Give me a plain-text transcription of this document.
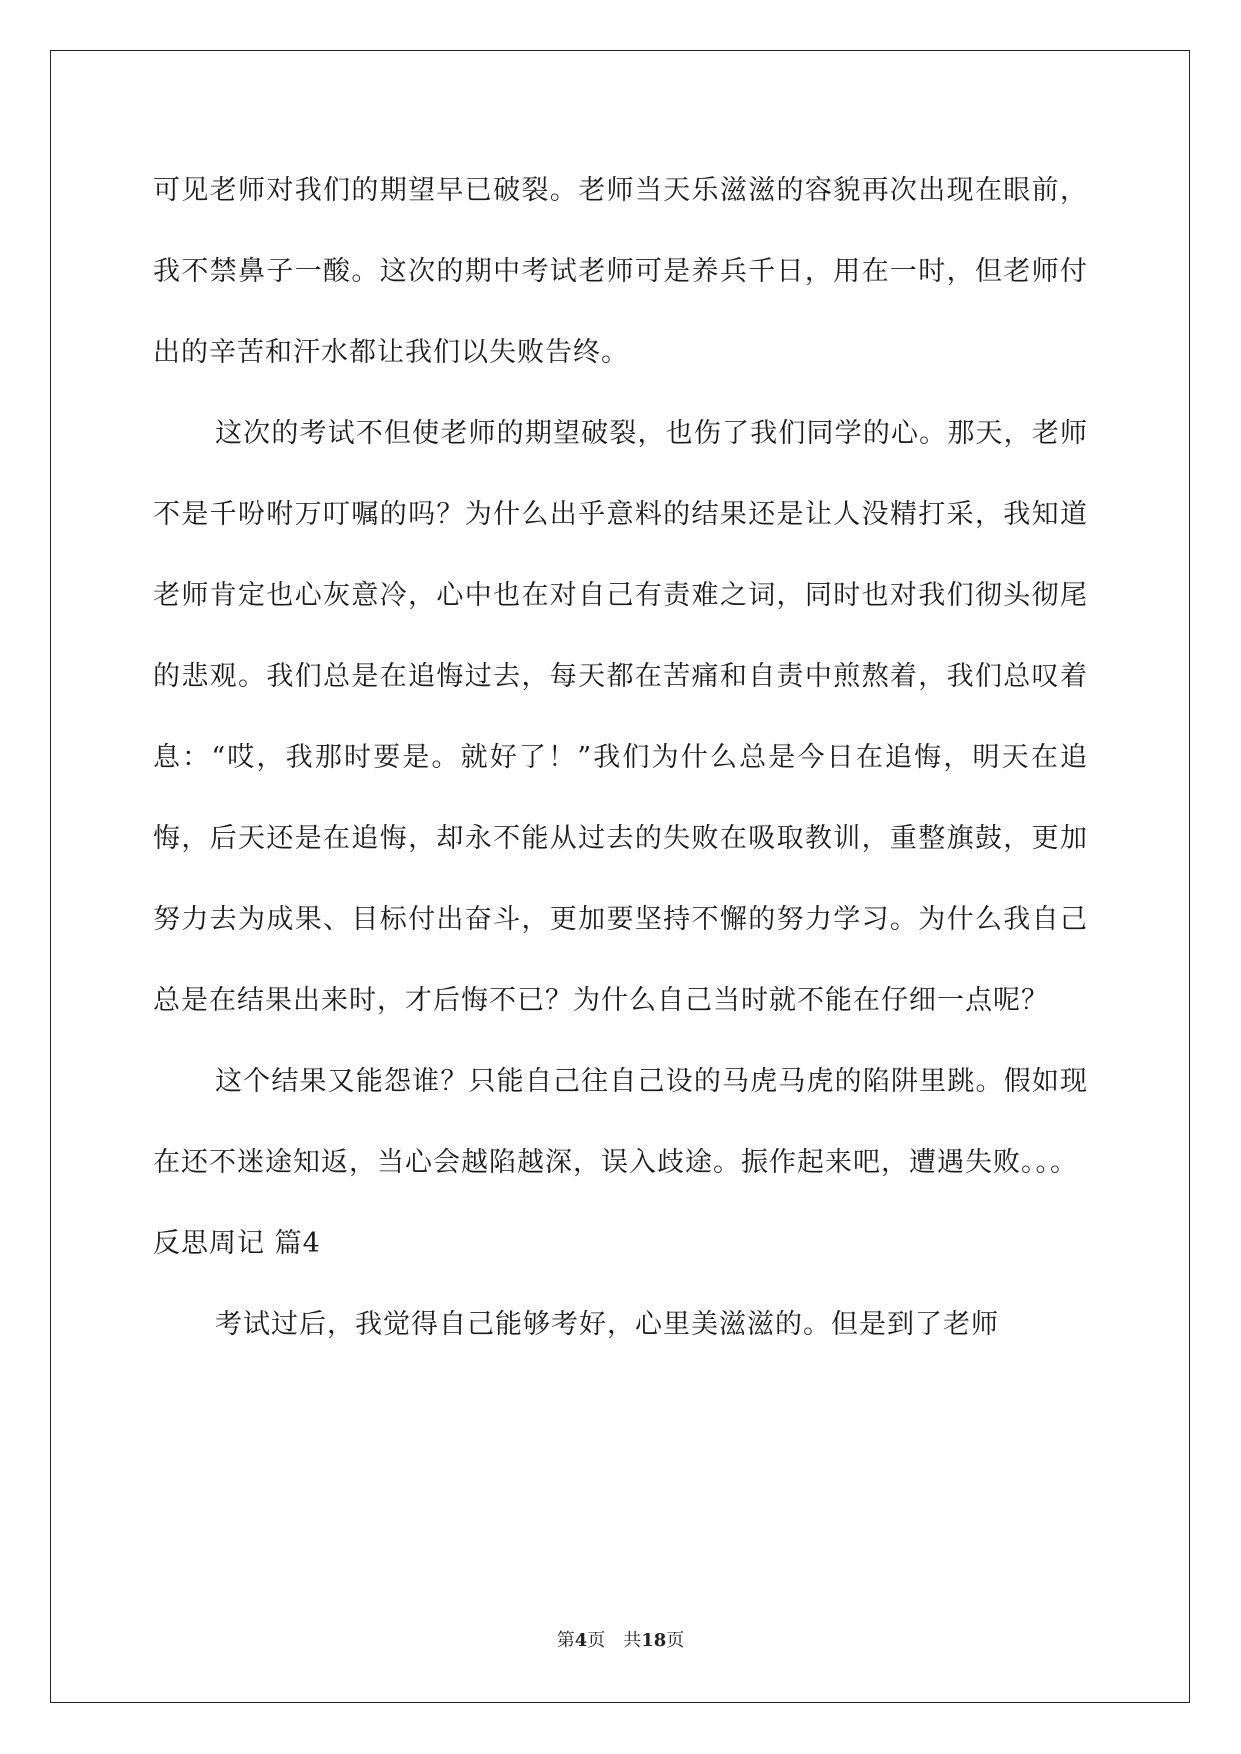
可见老师对我们的期望早已破裂。老师当天乐滋滋的容貌再次出现在眼前，我不禁鼻子一酸。这次的期中考试老师可是养兵千日，用在一时，但老师付出的辛苦和汗水都让我们以失败告终。

这次的考试不但使老师的期望破裂，也伤了我们同学的心。那天，老师不是千吩咐万叮嘱的吗？为什么出乎意料的结果还是让人没精打采，我知道老师肯定也心灰意冷，心中也在对自己有责难之词，同时也对我们彻头彻尾的悲观。我们总是在追悔过去，每天都在苦痛和自责中煎熬着，我们总叹着息：“哎，我那时要是。就好了！”我们为什么总是今日在追悔，明天在追悔，后天还是在追悔，却永不能从过去的失败在吸取教训，重整旗鼓，更加努力去为成果、目标付出奋斗，更加要坚持不懈的努力学习。为什么我自己总是在结果出来时，才后悔不已？为什么自己当时就不能在仔细一点呢？

这个结果又能怨谁？只能自己往自己设的马虎马虎的陷阱里跳。假如现在还不迷途知返，当心会越陷越深，误入歧途。振作起来吧，遭遇失败。。。

反思周记 篇4

考试过后，我觉得自己能够考好，心里美滋滋的。但是到了老师

第4页　共18页
